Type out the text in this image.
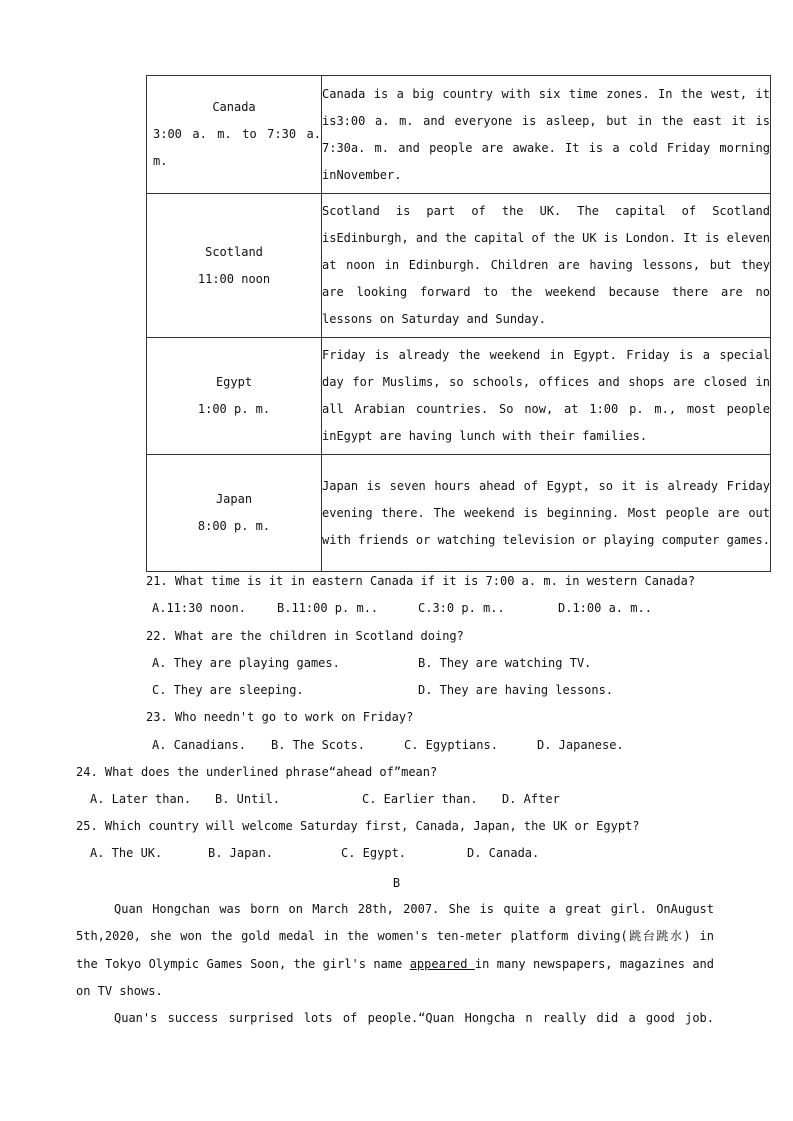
Canada
3:00 a. m. to 7:30 a. m.	Canada is a big country with six time zones. In the west, it is3:00 a. m. and everyone is asleep, but in the east it is 7:30a. m. and people are awake. It is a cold Friday morning inNovember.

Scotland
11:00 noon	Scotland is part of the UK. The capital of Scotland isEdinburgh, and the capital of the UK is London. It is eleven at noon in Edinburgh. Children are having lessons, but they are looking forward to the weekend because there are no lessons on Saturday and Sunday.

Egypt
1:00 p. m.	Friday is already the weekend in Egypt. Friday is a special day for Muslims, so schools, offices and shops are closed in all Arabian countries. So now, at 1:00 p. m., most people inEgypt are having lunch with their families.

Japan
8:00 p. m.	Japan is seven hours ahead of Egypt, so it is already Friday evening there. The weekend is beginning. Most people are out with friends or watching television or playing computer games.
21. What time is it in eastern Canada if it is 7:00 a. m. in western Canada?
A.11:30 noon.	B.11:00 p. m..	C.3:0 p. m..	D.1:00 a. m..
22. What are the children in Scotland doing?
A. They are playing games.	B. They are watching TV.
C. They are sleeping.	D. They are having lessons.
23. Who needn't go to work on Friday?
A. Canadians. B. The Scots.	C. Egyptians.	D. Japanese.
24. What does the underlined phrase“ahead of”mean?
A. Later than. B. Until.	C. Earlier than. D. After
25. Which country will welcome Saturday first, Canada, Japan, the UK or Egypt?
A. The UK.	B. Japan.	C. Egypt.	D. Canada.
B
Quan Hongchan was born on March 28th, 2007. She is quite a great girl. OnAugust 5th,2020, she won the gold medal in the women's ten-meter platform diving(跳台跳水) in the Tokyo Olympic Games Soon, the girl's name appeared in many newspapers, magazines and on TV shows.
Quan's success surprised lots of people.“Quan Hongcha n really did a good job.
